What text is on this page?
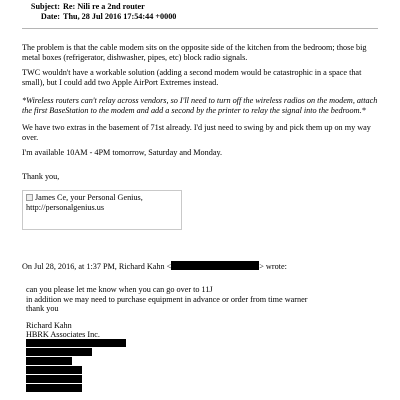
Subject: Re: Nili re a 2nd router
Date: Thu, 28 Jul 2016 17:54:44 +0000

The problem is that the cable modem sits on the opposite side of the kitchen from the bedroom; those big metal boxes (refrigerator, dishwasher, pipes, etc) block radio signals.

TWC wouldn't have a workable solution (adding a second modem would be catastrophic in a space that small), but I could add two Apple AirPort Extremes instead.

*Wireless routers can't relay across vendors, so I'll need to turn off the wireless radios on the modem, attach the first BaseStation to the modem and add a second by the printer to relay the signal into the bedroom.*

We have two extras in the basement of 71st already. I'd just need to swing by and pick them up on my way over.

I'm available 10AM - 4PM tomorrow, Saturday and Monday.

Thank you,

James Ce, your Personal Genius,
http://personalgenius.us
On Jul 28, 2016, at 1:37 PM, Richard Kahn <	> wrote:

can you please let me know when you can go over to 11J

in addition we may need to purchase equipment in advance or order from time warner

thank you

Richard Kahn

HBRK Associates Inc.
